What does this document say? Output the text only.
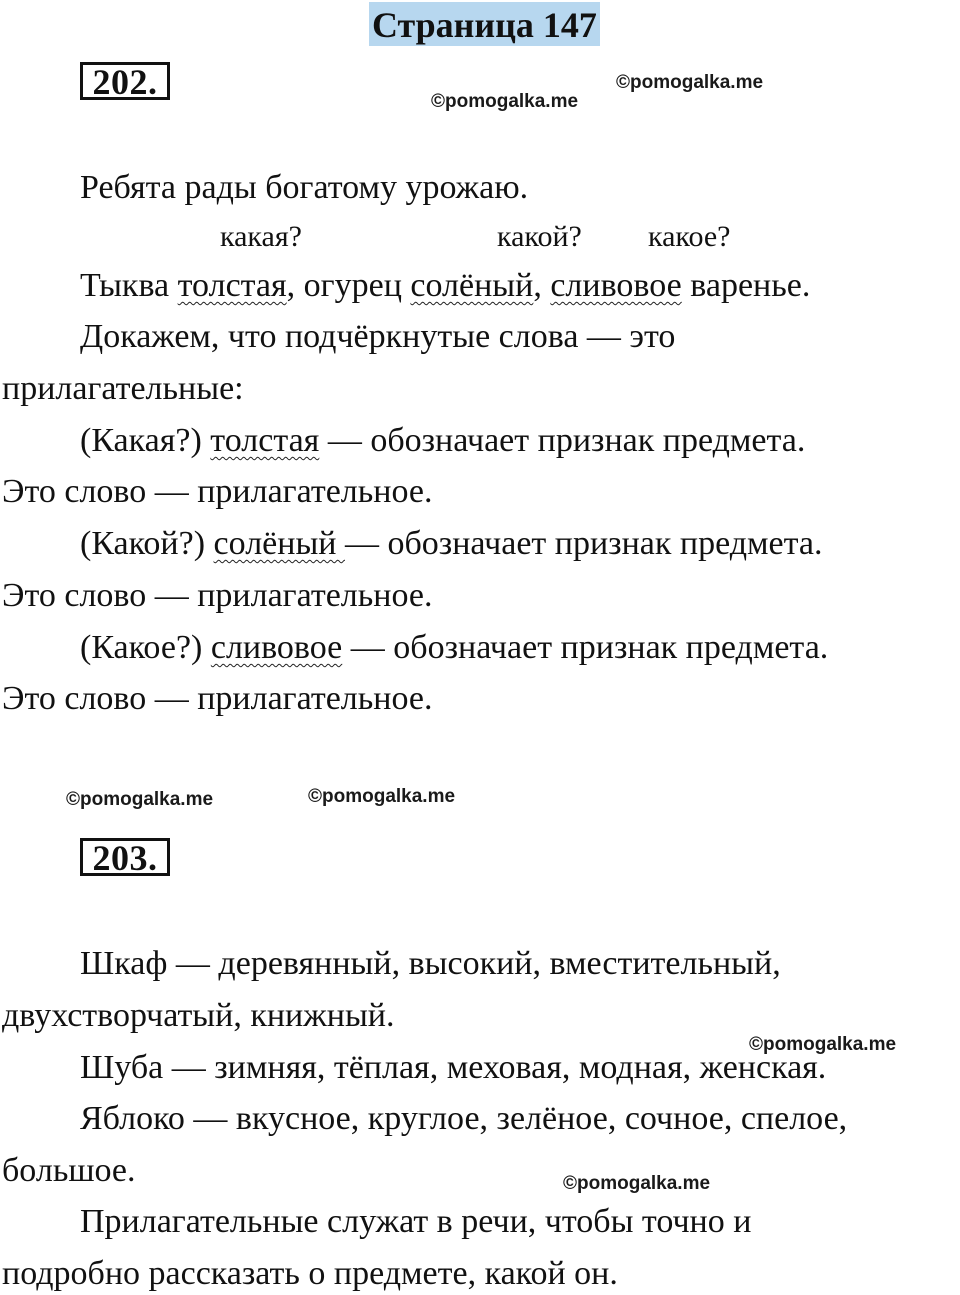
Страница 147
202.	©pomogalka.me
©pomogalka.me
Ребята рады богатому урожаю.
какая?	какой? какое?
Тыква толстая, огурец солёный, сливовое варенье.
Докажем, что подчёркнутые слова — это
прилагательные:
(Какая?) толстая — обозначает признак предмета.
Это слово — прилагательное.
(Какой?) солёный — обозначает признак предмета.
Это слово — прилагательное.
(Какое?) сливовое — обозначает признак предмета.
Это слово — прилагательное.
©pomogalka.me	©pomogalka.me
203.
Шкаф — деревянный, высокий, вместительный,
двухстворчатый, книжный.
©pomogalka.me
Шуба — зимняя, тёплая, меховая, модная, женская.
Яблоко — вкусное, круглое, зелёное, сочное, спелое,
большое.	©pomogalka.me
Прилагательные служат в речи, чтобы точно и
подробно рассказать о предмете, какой он.
